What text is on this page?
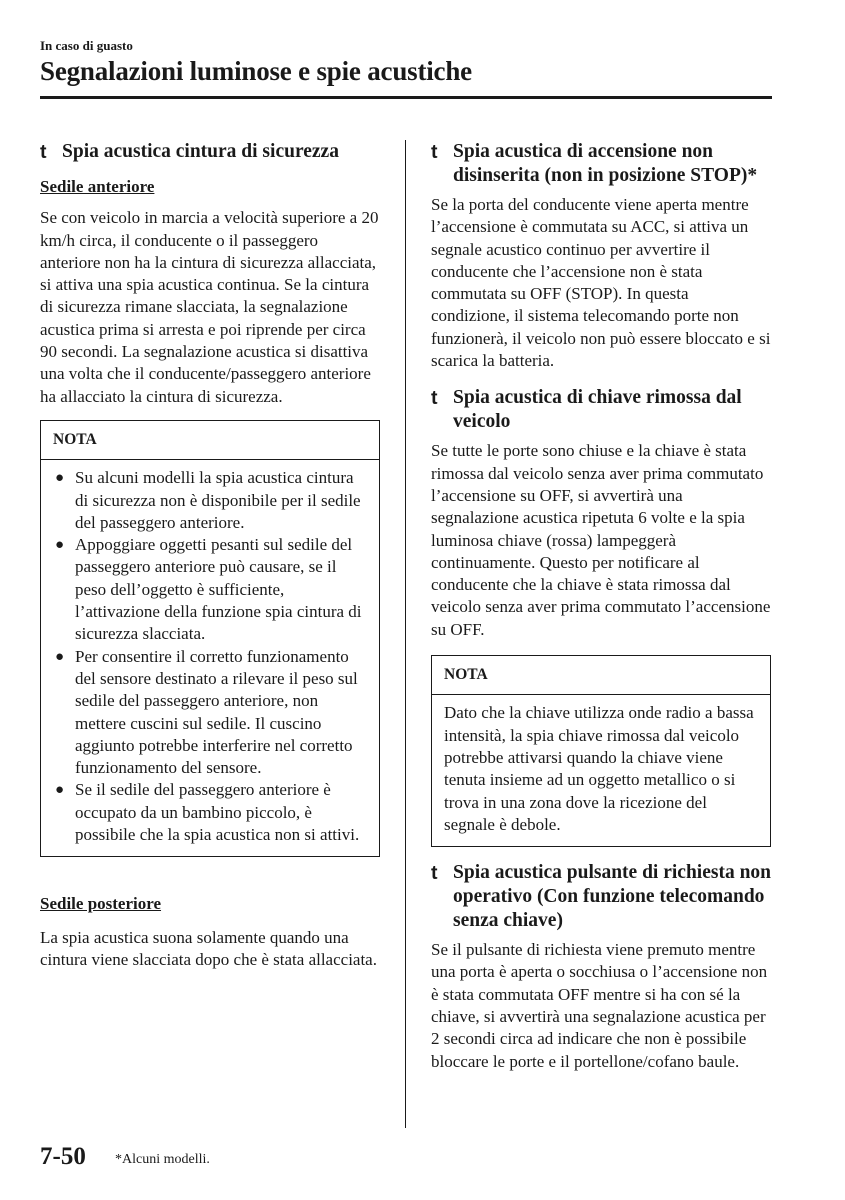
In caso di guasto
Segnalazioni luminose e spie acustiche
t Spia acustica cintura di sicurezza
Sedile anteriore

Se con veicolo in marcia a velocità superiore a 20 km/h circa, il conducente o il passeggero anteriore non ha la cintura di sicurezza allacciata, si attiva una spia acustica continua. Se la cintura di sicurezza rimane slacciata, la segnalazione acustica prima si arresta e poi riprende per circa 90 secondi. La segnalazione acustica si disattiva una volta che il conducente/passeggero anteriore ha allacciato la cintura di sicurezza.

NOTA
● Su alcuni modelli la spia acustica cintura di sicurezza non è disponibile per il sedile del passeggero anteriore.
● Appoggiare oggetti pesanti sul sedile del passeggero anteriore può causare, se il peso dell’oggetto è sufficiente, l’attivazione della funzione spia cintura di sicurezza slacciata.
● Per consentire il corretto funzionamento del sensore destinato a rilevare il peso sul sedile del passeggero anteriore, non mettere cuscini sul sedile. Il cuscino aggiunto potrebbe interferire nel corretto funzionamento del sensore.
● Se il sedile del passeggero anteriore è occupato da un bambino piccolo, è possibile che la spia acustica non si attivi.
Sedile posteriore

La spia acustica suona solamente quando una cintura viene slacciata dopo che è stata allacciata.

t Spia acustica di accensione non disinserita (non in posizione STOP)*

Se la porta del conducente viene aperta mentre l’accensione è commutata su ACC, si attiva un segnale acustico continuo per avvertire il conducente che l’accensione non è stata commutata su OFF (STOP). In questa condizione, il sistema telecomando porte non funzionerà, il veicolo non può essere bloccato e si scarica la batteria.

t Spia acustica di chiave rimossa dal veicolo

Se tutte le porte sono chiuse e la chiave è stata rimossa dal veicolo senza aver prima commutato l’accensione su OFF, si avvertirà una segnalazione acustica ripetuta 6 volte e la spia luminosa chiave (rossa) lampeggerà continuamente. Questo per notificare al conducente che la chiave è stata rimossa dal veicolo senza aver prima commutato l’accensione su OFF.

NOTA

Dato che la chiave utilizza onde radio a bassa intensità, la spia chiave rimossa dal veicolo potrebbe attivarsi quando la chiave viene tenuta insieme ad un oggetto metallico o si trova in una zona dove la ricezione del segnale è debole.

t Spia acustica pulsante di richiesta non operativo (Con funzione telecomando senza chiave)

Se il pulsante di richiesta viene premuto mentre una porta è aperta o socchiusa o l’accensione non è stata commutata OFF mentre si ha con sé la chiave, si avvertirà una segnalazione acustica per 2 secondi circa ad indicare che non è possibile bloccare le porte e il portellone/cofano baule.

7-50 *Alcuni modelli.
